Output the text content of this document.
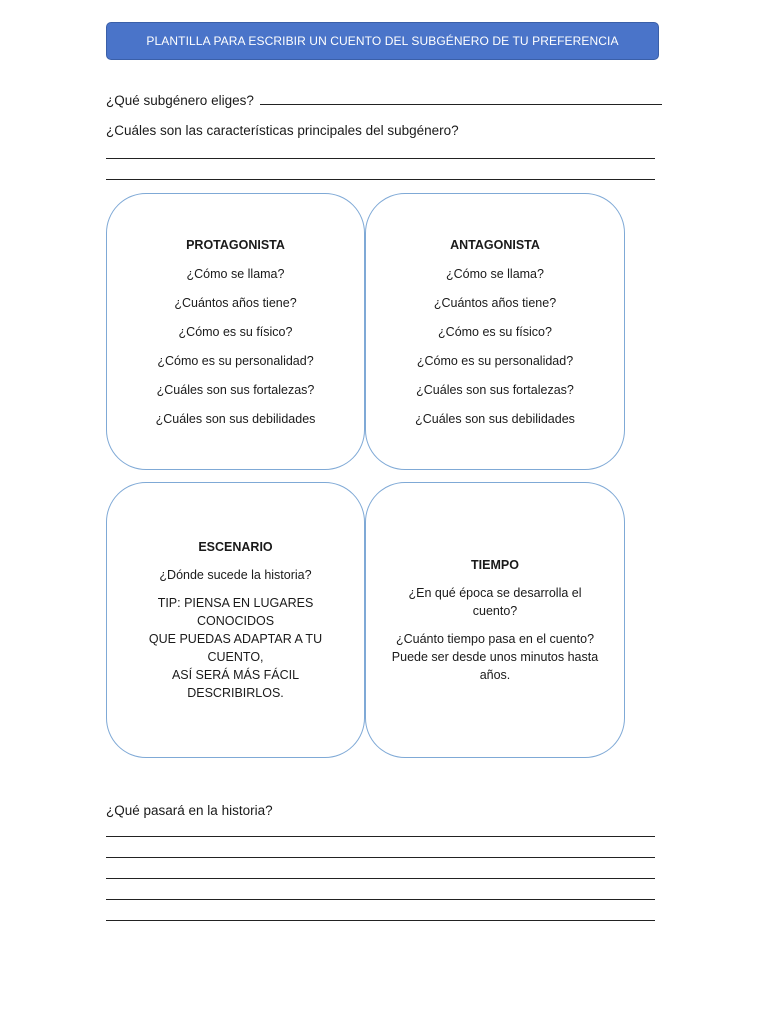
PLANTILLA PARA ESCRIBIR UN CUENTO DEL SUBGÉNERO DE TU PREFERENCIA
¿Qué subgénero eliges?
¿Cuáles son las características principales del subgénero?
PROTAGONISTA
¿Cómo se llama?
¿Cuántos años tiene?
¿Cómo es su físico?
¿Cómo es su personalidad?
¿Cuáles son sus fortalezas?
¿Cuáles son sus debilidades
ANTAGONISTA
¿Cómo se llama?
¿Cuántos años tiene?
¿Cómo es su físico?
¿Cómo es su personalidad?
¿Cuáles son sus fortalezas?
¿Cuáles son sus debilidades
ESCENARIO
¿Dónde sucede la historia?
TIP: PIENSA EN LUGARES CONOCIDOS
QUE PUEDAS ADAPTAR A TU CUENTO,
ASÍ SERÁ MÁS FÁCIL DESCRIBIRLOS.
TIEMPO
¿En qué época se desarrolla el
cuento?
¿Cuánto tiempo pasa en el cuento?
Puede ser desde unos minutos hasta
años.
¿Qué pasará en la historia?
